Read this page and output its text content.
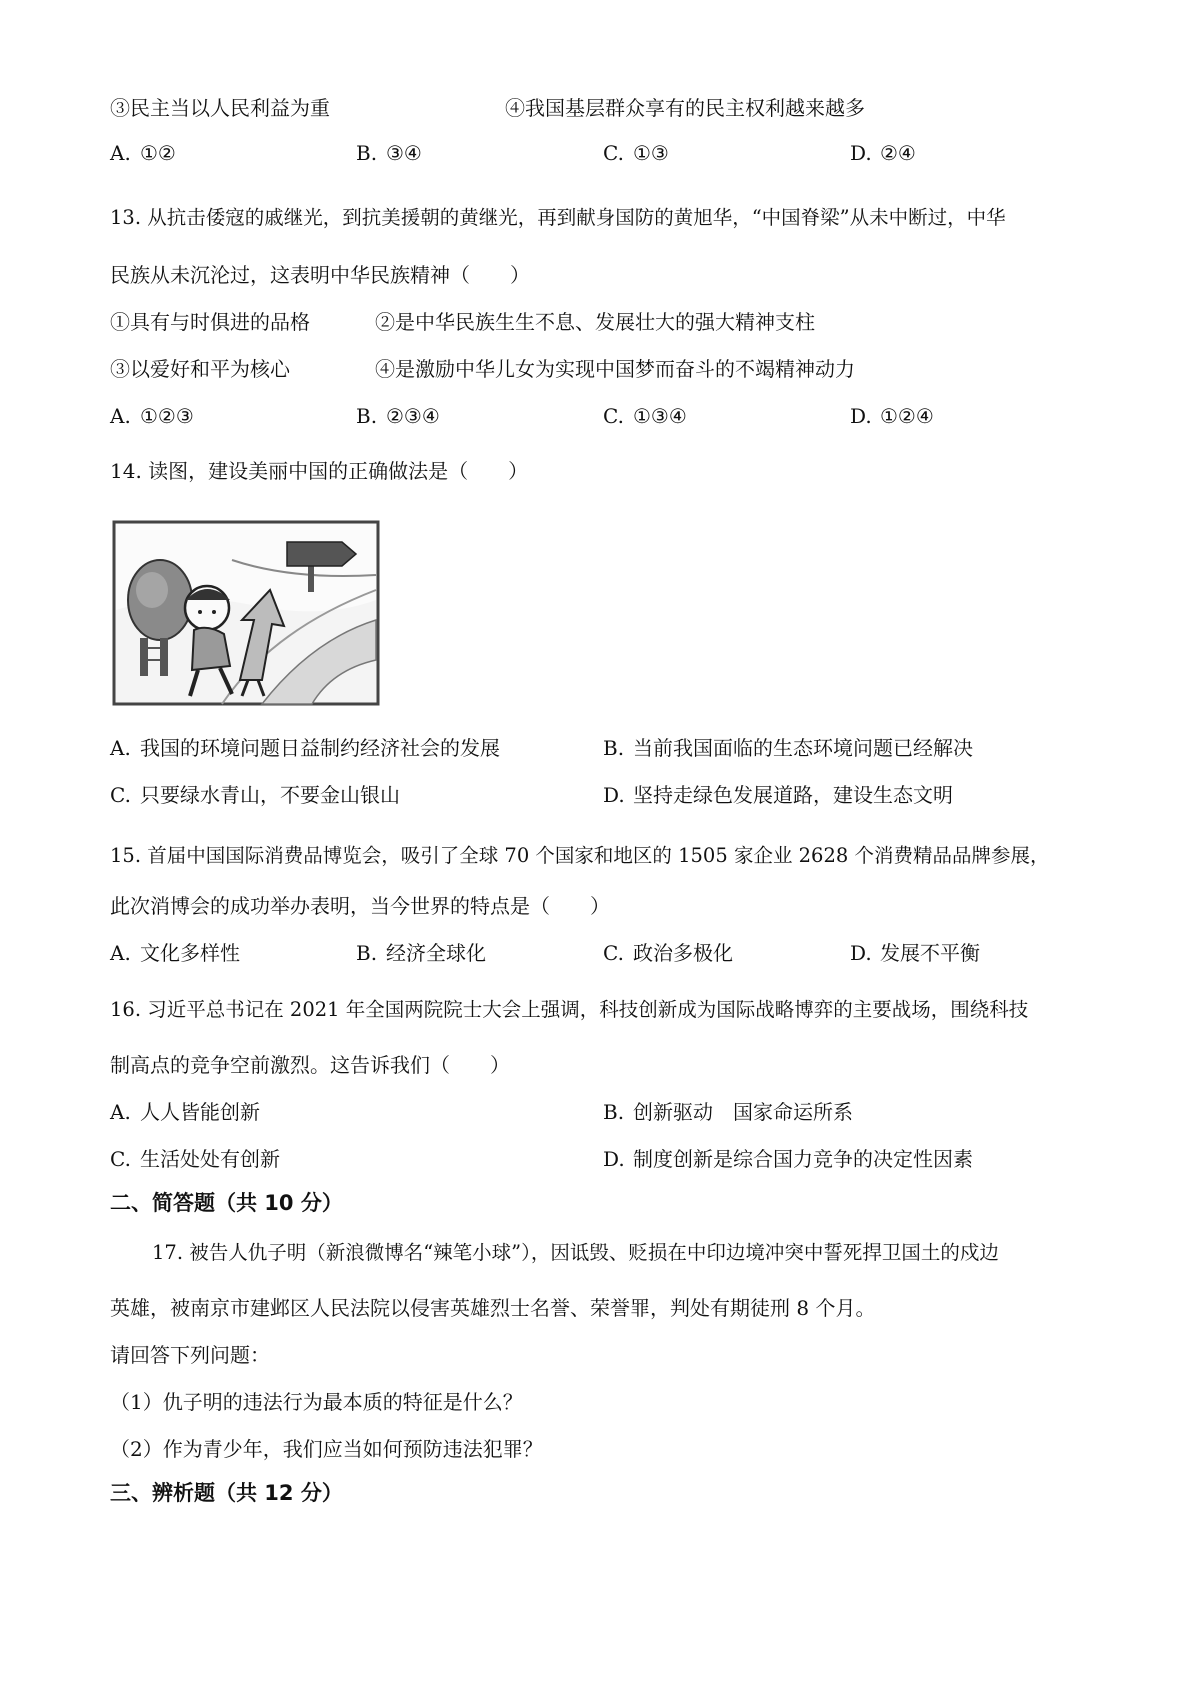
③民主当以人民利益为重	④我国基层群众享有的民主权利越来越多
A. ①②	B. ③④	C. ①③	D. ②④
13. 从抗击倭寇的戚继光，到抗美援朝的黄继光，再到献身国防的黄旭华，“中国脊梁”从未中断过，中华
民族从未沉沦过，这表明中华民族精神（　　）
①具有与时俱进的品格	②是中华民族生生不息、发展壮大的强大精神支柱
③以爱好和平为核心	④是激励中华儿女为实现中国梦而奋斗的不竭精神动力
A. ①②③	B. ②③④	C. ①③④	D. ①②④
14. 读图，建设美丽中国的正确做法是（　　）
A. 我国的环境问题日益制约经济社会的发展	B. 当前我国面临的生态环境问题已经解决
C. 只要绿水青山，不要金山银山	D. 坚持走绿色发展道路，建设生态文明
15. 首届中国国际消费品博览会，吸引了全球 70 个国家和地区的 1505 家企业 2628 个消费精品品牌参展，
此次消博会的成功举办表明，当今世界的特点是（　　）
A. 文化多样性	B. 经济全球化	C. 政治多极化	D. 发展不平衡
16. 习近平总书记在 2021 年全国两院院士大会上强调，科技创新成为国际战略博弈的主要战场，围绕科技
制高点的竞争空前激烈。这告诉我们（　　）
A. 人人皆能创新	B. 创新驱动　国家命运所系
C. 生活处处有创新	D. 制度创新是综合国力竞争的决定性因素
二、简答题（共 10 分）
17. 被告人仇子明（新浪微博名“辣笔小球”），因诋毁、贬损在中印边境冲突中誓死捍卫国土的戍边
英雄，被南京市建邺区人民法院以侵害英雄烈士名誉、荣誉罪，判处有期徒刑 8 个月。
请回答下列问题：
（1）仇子明的违法行为最本质的特征是什么？
（2）作为青少年，我们应当如何预防违法犯罪？
三、辨析题（共 12 分）
